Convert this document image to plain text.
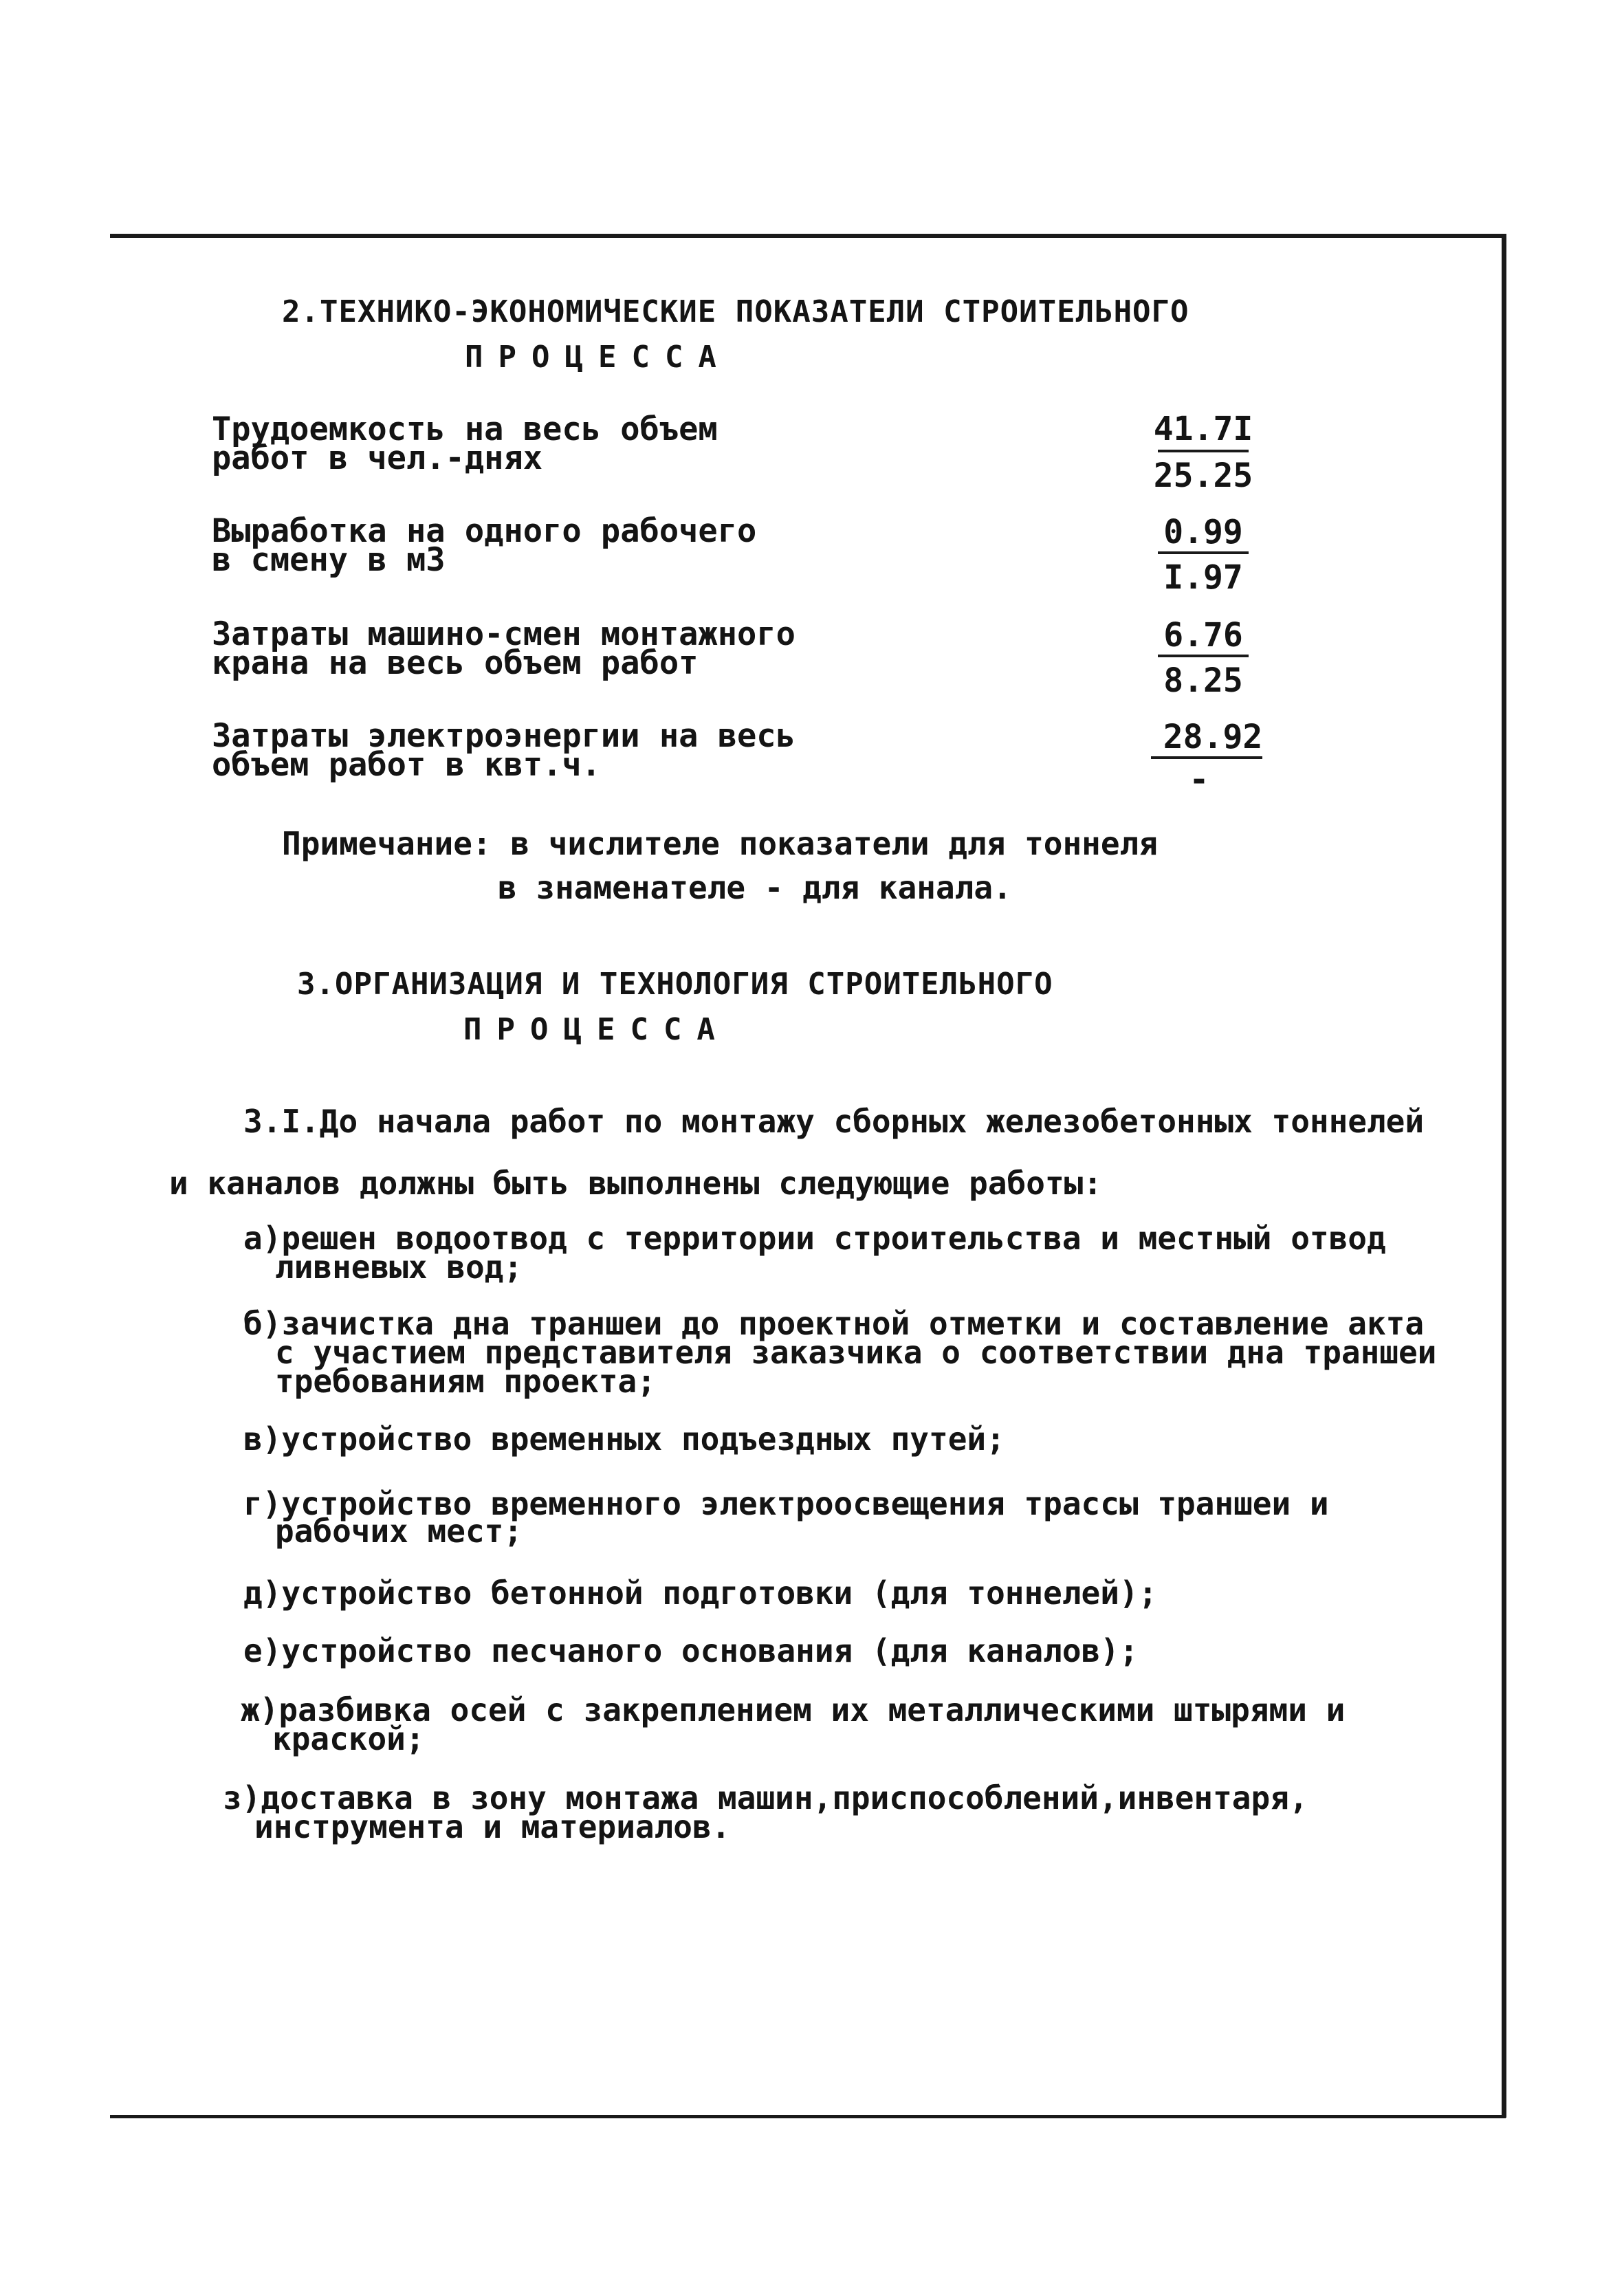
2.ТЕХНИКО-ЭКОНОМИЧЕСКИЕ ПОКАЗАТЕЛИ СТРОИТЕЛЬНОГО
ПРОЦЕССА
Трудоемкость на весь объем
работ в чел.-днях
41.7I
25.25
Выработка на одного рабочего
в смену в м3
0.99
I.97
Затраты машино-смен монтажного
крана на весь объем работ
6.76
8.25
Затраты электроэнергии на весь
объем работ в квт.ч.
28.92
-
Примечание: в числителе показатели для тоннеля
в знаменателе - для канала.
3.ОРГАНИЗАЦИЯ И ТЕХНОЛОГИЯ СТРОИТЕЛЬНОГО
ПРОЦЕССА
3.I.До начала работ по монтажу сборных железобетонных тоннелей
и каналов должны быть выполнены следующие работы:
а)решен водоотвод с территории строительства и местный отвод
ливневых вод;
б)зачистка дна траншеи до проектной отметки и составление акта
с участием представителя заказчика о соответствии дна траншеи
требованиям проекта;
в)устройство временных подъездных путей;
г)устройство временного электроосвещения трассы траншеи и
рабочих мест;
д)устройство бетонной подготовки (для тоннелей);
е)устройство песчаного основания (для каналов);
ж)разбивка осей с закреплением их металлическими штырями и
краской;
з)доставка в зону монтажа машин,приспособлений,инвентаря,
инструмента и материалов.
